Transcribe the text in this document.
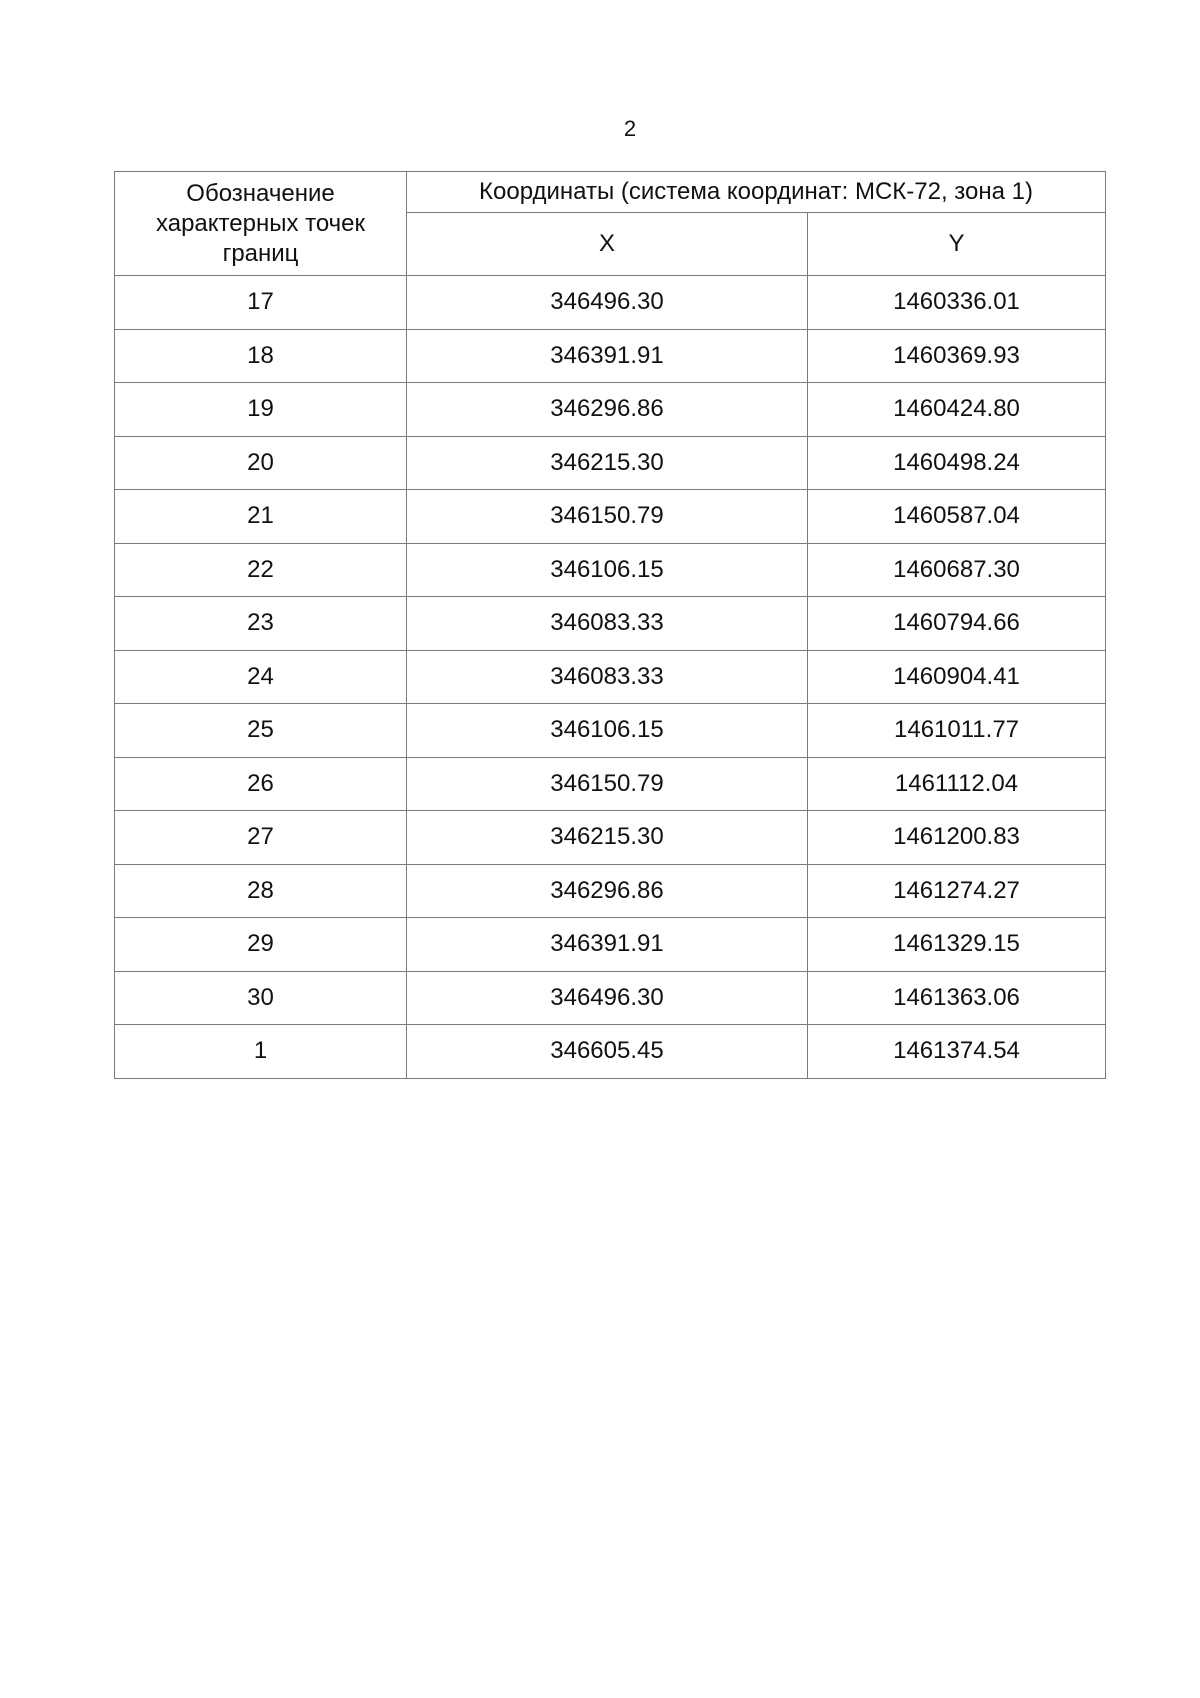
2
Обозначение характерных точек границ	Координаты (система координат: МСК-72, зона 1)	
	X	Y
17	346496.30	1460336.01
18	346391.91	1460369.93
19	346296.86	1460424.80
20	346215.30	1460498.24
21	346150.79	1460587.04
22	346106.15	1460687.30
23	346083.33	1460794.66
24	346083.33	1460904.41
25	346106.15	1461011.77
26	346150.79	1461112.04
27	346215.30	1461200.83
28	346296.86	1461274.27
29	346391.91	1461329.15
30	346496.30	1461363.06
1	346605.45	1461374.54
